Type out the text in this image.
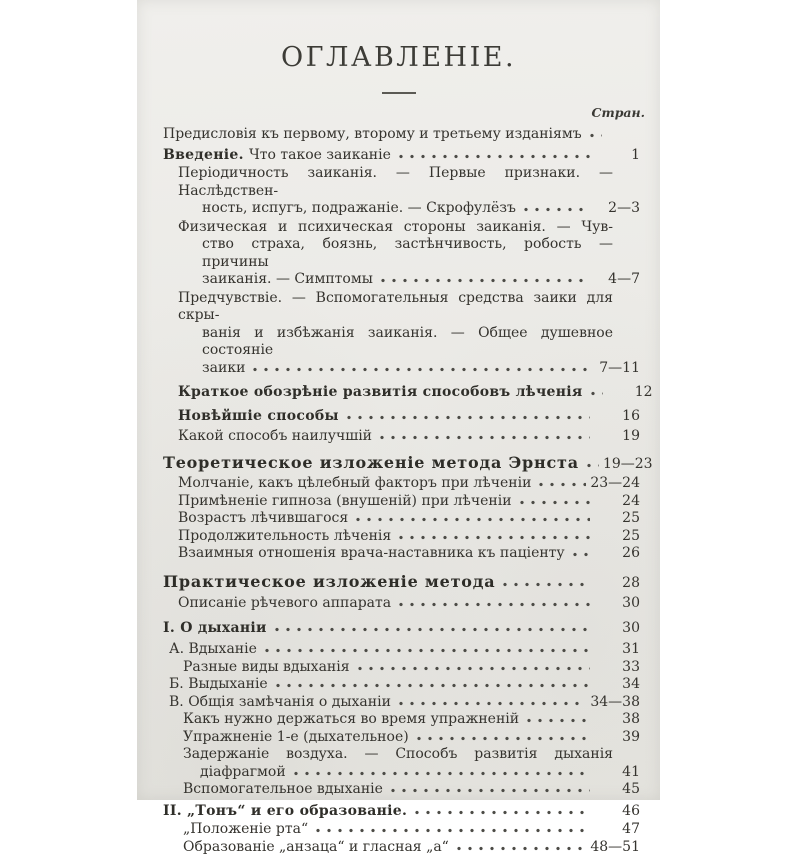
ОГЛАВЛЕНІЕ.
Стран.
Предисловія къ первому, второму и третьему изданіямъ
Введеніе. Что такое заиканіе	1
Періодичность заиканія. — Первые признаки. — Наслѣдствен-
ность, испугъ, подражаніе. — Скрофулёзъ	2—3
Физическая и психическая стороны заиканія. — Чув-
ство страха, боязнь, застѣнчивость, робость — причины
заиканія. — Симптомы	4—7
Предчувствіе. — Вспомогательныя средства заики для скры-
ванія и избѣжанія заиканія. — Общее душевное состояніе
заики	7—11
Краткое обозрѣніе развитія способовъ лѣченія	12
Новѣйшіе способы	16
Какой способъ наилучшій	19
Теоретическое изложеніе метода Эрнста 19—23
Молчаніе, какъ цѣлебный факторъ при лѣченіи	23—24
Примѣненіе гипноза (внушеній) при лѣченіи	24
Возрастъ лѣчившагося	25
Продолжительность лѣченія	25
Взаимныя отношенія врача-наставника къ паціенту	26
Практическое изложеніе метода	28
Описаніе рѣчевого аппарата	30
I. О дыханіи	30
А. Вдыханіе	31
Разные виды вдыханія	33
Б. Выдыханіе	34
В. Общія замѣчанія о дыханіи	34—38
Какъ нужно держаться во время упражненій	38
Упражненіе 1-е (дыхательное)	39
Задержаніе воздуха. — Способъ развитія дыханія
діафрагмой	41
Вспомогательное вдыханіе	45
II. „Тонъ“ и его образованіе.	46
„Положеніе рта“	47
Образованіе „анзаца“ и гласная „а“	48—51
